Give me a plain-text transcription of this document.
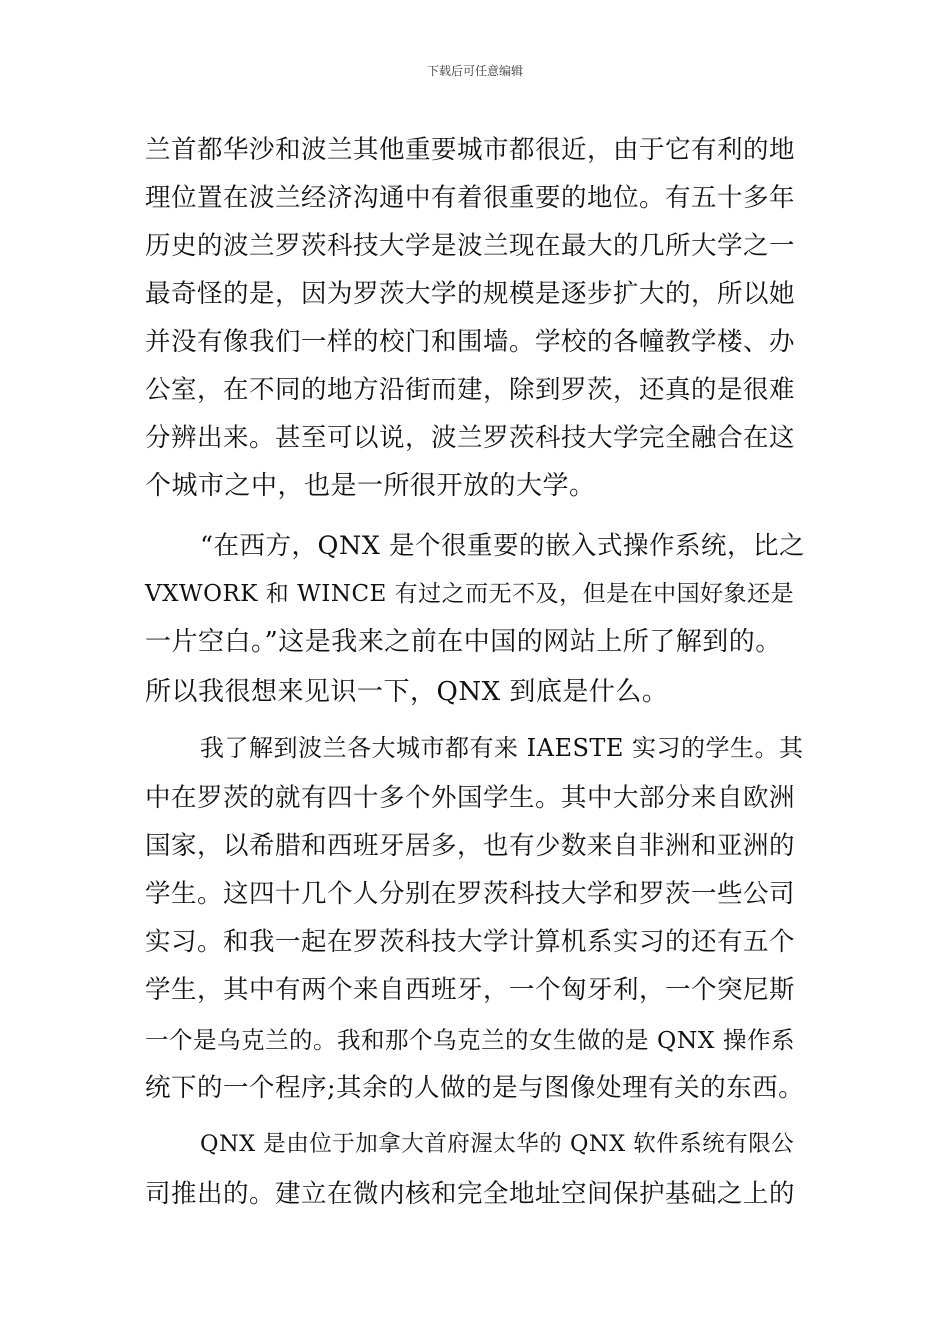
下载后可任意编辑
兰首都华沙和波兰其他重要城市都很近，由于它有利的地
理位置在波兰经济沟通中有着很重要的地位。有五十多年
历史的波兰罗茨科技大学是波兰现在最大的几所大学之一
最奇怪的是，因为罗茨大学的规模是逐步扩大的，所以她
并没有像我们一样的校门和围墙。学校的各幢教学楼、办
公室，在不同的地方沿街而建，除到罗茨，还真的是很难
分辨出来。甚至可以说，波兰罗茨科技大学完全融合在这
个城市之中，也是一所很开放的大学。
“在西方，QNX 是个很重要的嵌入式操作系统，比之
VXWORK 和 WINCE 有过之而无不及，但是在中国好象还是
一片空白。”这是我来之前在中国的网站上所了解到的。
所以我很想来见识一下，QNX 到底是什么。
我了解到波兰各大城市都有来 IAESTE 实习的学生。其
中在罗茨的就有四十多个外国学生。其中大部分来自欧洲
国家，以希腊和西班牙居多，也有少数来自非洲和亚洲的
学生。这四十几个人分别在罗茨科技大学和罗茨一些公司
实习。和我一起在罗茨科技大学计算机系实习的还有五个
学生，其中有两个来自西班牙，一个匈牙利，一个突尼斯
一个是乌克兰的。我和那个乌克兰的女生做的是 QNX 操作系
统下的一个程序;其余的人做的是与图像处理有关的东西。
QNX 是由位于加拿大首府渥太华的 QNX 软件系统有限公
司推出的。建立在微内核和完全地址空间保护基础之上的
